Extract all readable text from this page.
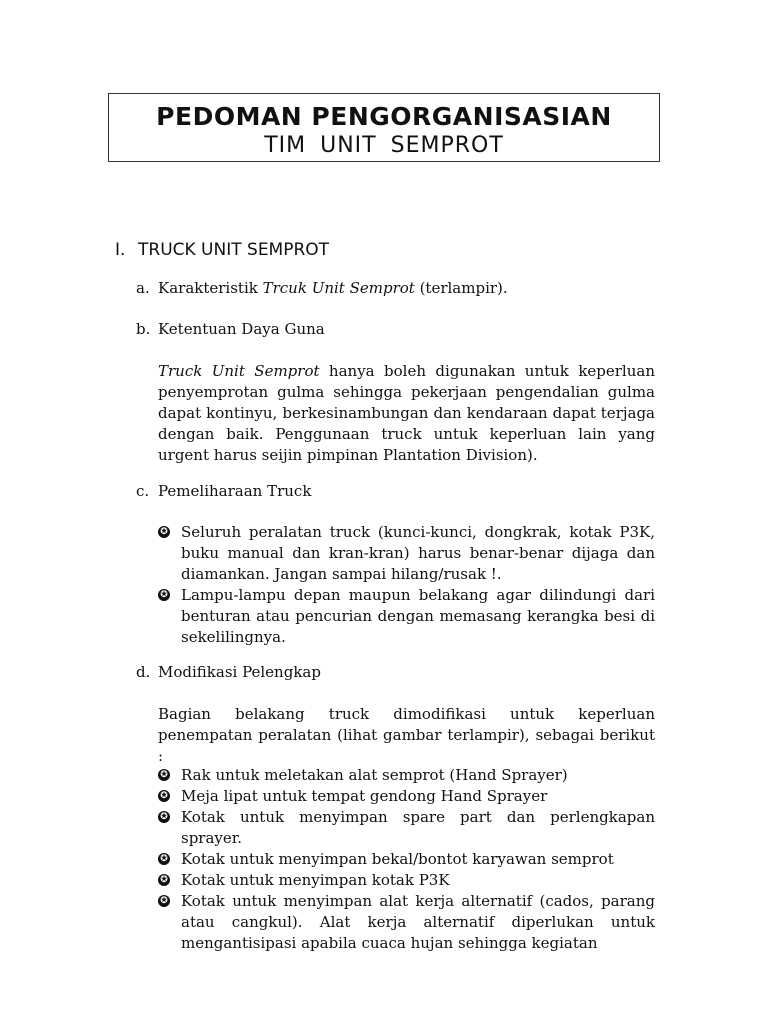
PEDOMAN PENGORGANISASIAN
TIM UNIT SEMPROT
I. TRUCK UNIT SEMPROT
a. Karakteristik Trcuk Unit Semprot (terlampir).
b. Ketentuan Daya Guna
Truck Unit Semprot hanya boleh digunakan untuk keperluan penyemprotan gulma sehingga pekerjaan pengendalian gulma dapat kontinyu, berkesinambungan dan kendaraan dapat terjaga dengan baik. Penggunaan truck untuk keperluan lain yang urgent harus seijin pimpinan Plantation Division).
c. Pemeliharaan Truck
✪ Seluruh peralatan truck (kunci-kunci, dongkrak, kotak P3K, buku manual dan kran-kran) harus benar-benar dijaga dan diamankan. Jangan sampai hilang/rusak !.
✪ Lampu-lampu depan maupun belakang agar dilindungi dari benturan atau pencurian dengan memasang kerangka besi di sekelilingnya.
d. Modifikasi Pelengkap
Bagian belakang truck dimodifikasi untuk keperluan penempatan peralatan (lihat gambar terlampir), sebagai berikut :
✪ Rak untuk meletakan alat semprot (Hand Sprayer)
✪ Meja lipat untuk tempat gendong Hand Sprayer
✪ Kotak untuk menyimpan spare part dan perlengkapan sprayer.
✪ Kotak untuk menyimpan bekal/bontot karyawan semprot
✪ Kotak untuk menyimpan kotak P3K
✪ Kotak untuk menyimpan alat kerja alternatif (cados, parang atau cangkul). Alat kerja alternatif diperlukan untuk mengantisipasi apabila cuaca hujan sehingga kegiatan
